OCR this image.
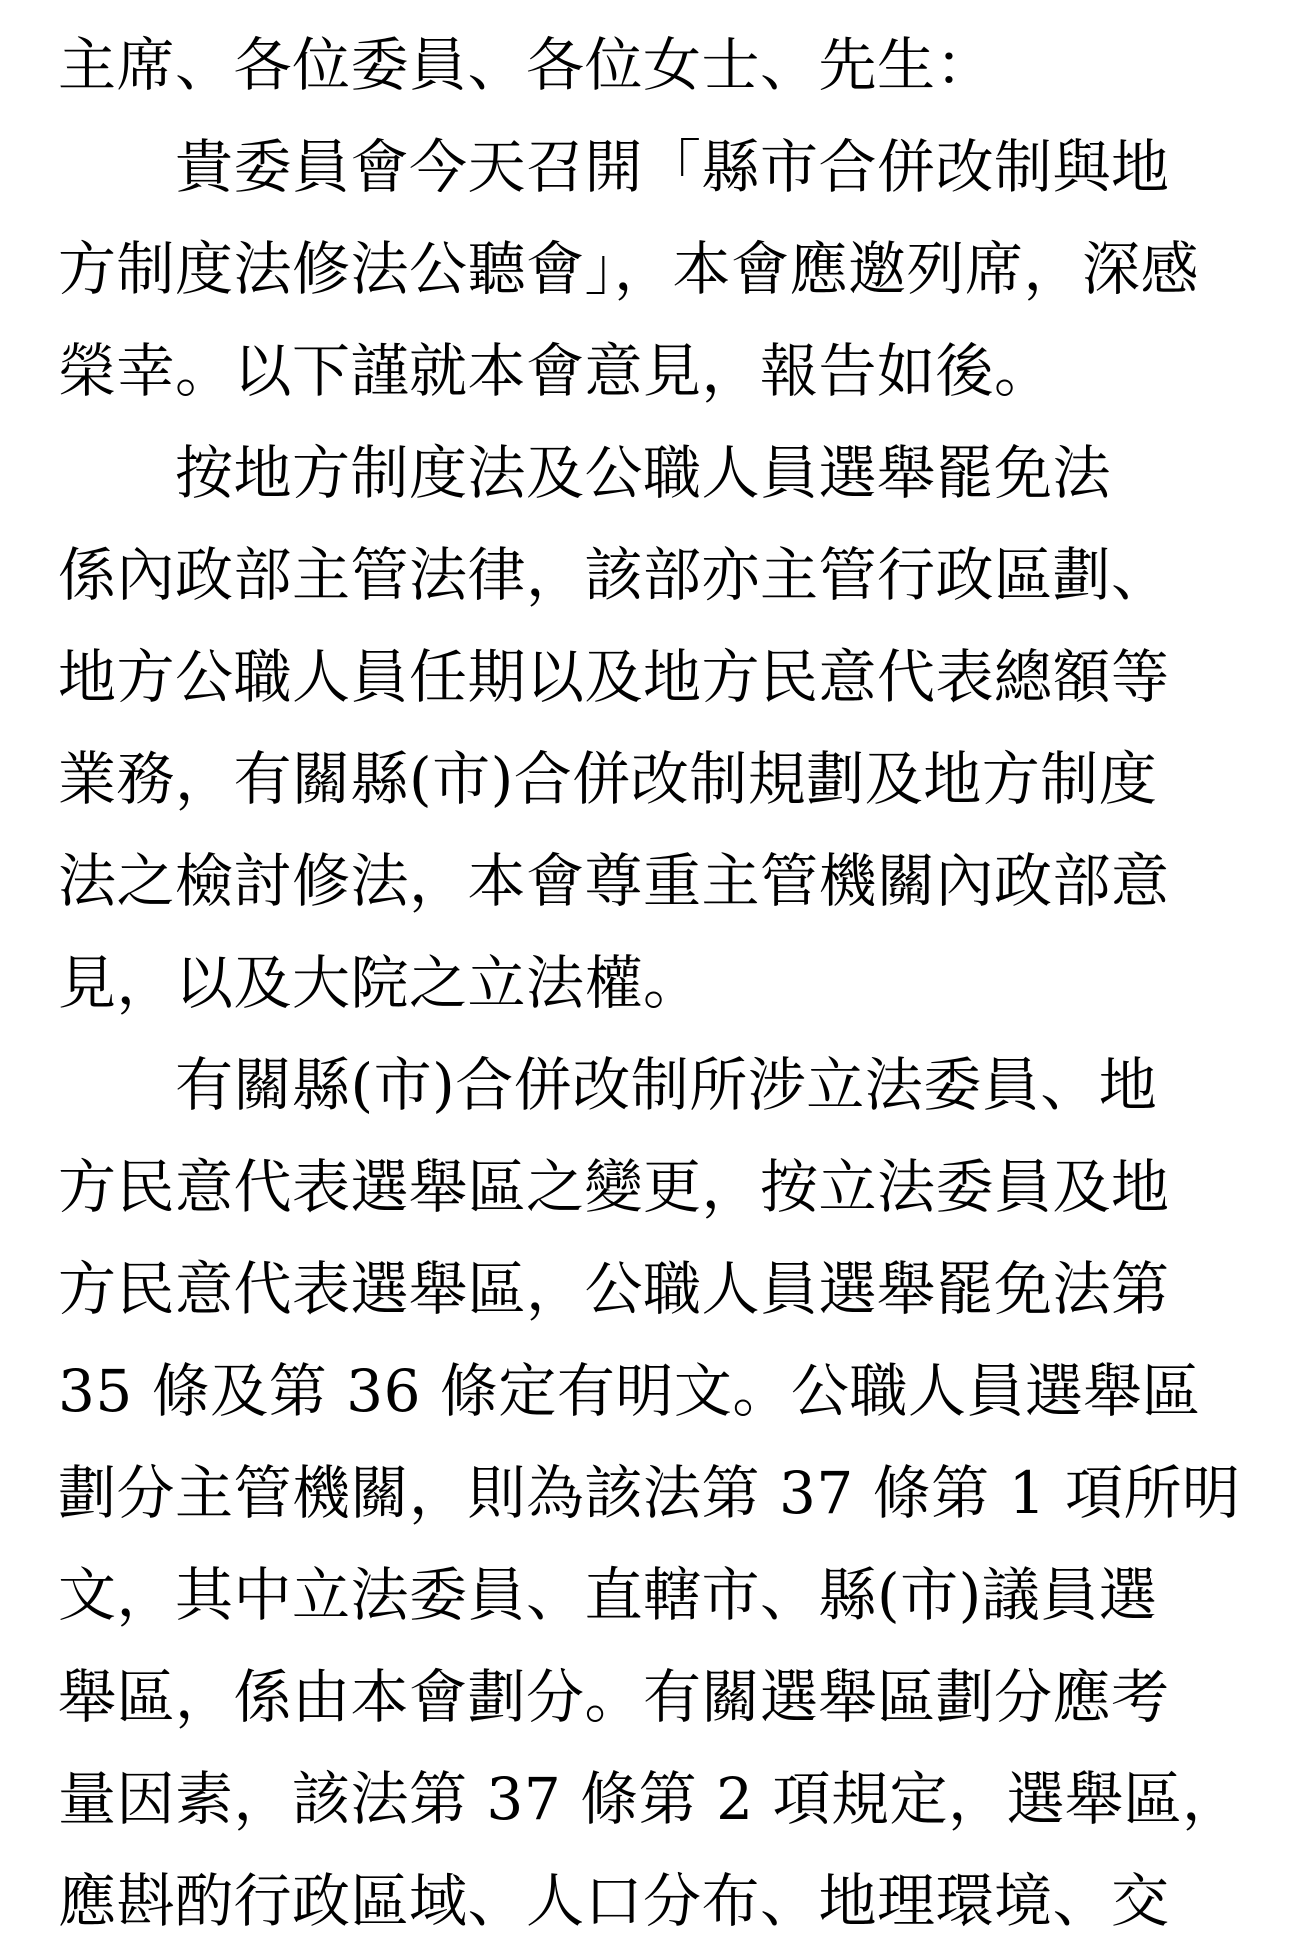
主席、各位委員、各位女士、先生：
　　貴委員會今天召開「縣市合併改制與地
方制度法修法公聽會」，本會應邀列席，深感
榮幸。以下謹就本會意見，報告如後。
　　按地方制度法及公職人員選舉罷免法
係內政部主管法律，該部亦主管行政區劃、
地方公職人員任期以及地方民意代表總額等
業務，有關縣(市)合併改制規劃及地方制度
法之檢討修法，本會尊重主管機關內政部意
見，以及大院之立法權。
　　有關縣(市)合併改制所涉立法委員、地
方民意代表選舉區之變更，按立法委員及地
方民意代表選舉區，公職人員選舉罷免法第
35 條及第 36 條定有明文。公職人員選舉區
劃分主管機關，則為該法第 37 條第 1 項所明
文，其中立法委員、直轄市、縣(市)議員選
舉區，係由本會劃分。有關選舉區劃分應考
量因素，該法第 37 條第 2 項規定，選舉區，
應斟酌行政區域、人口分布、地理環境、交
